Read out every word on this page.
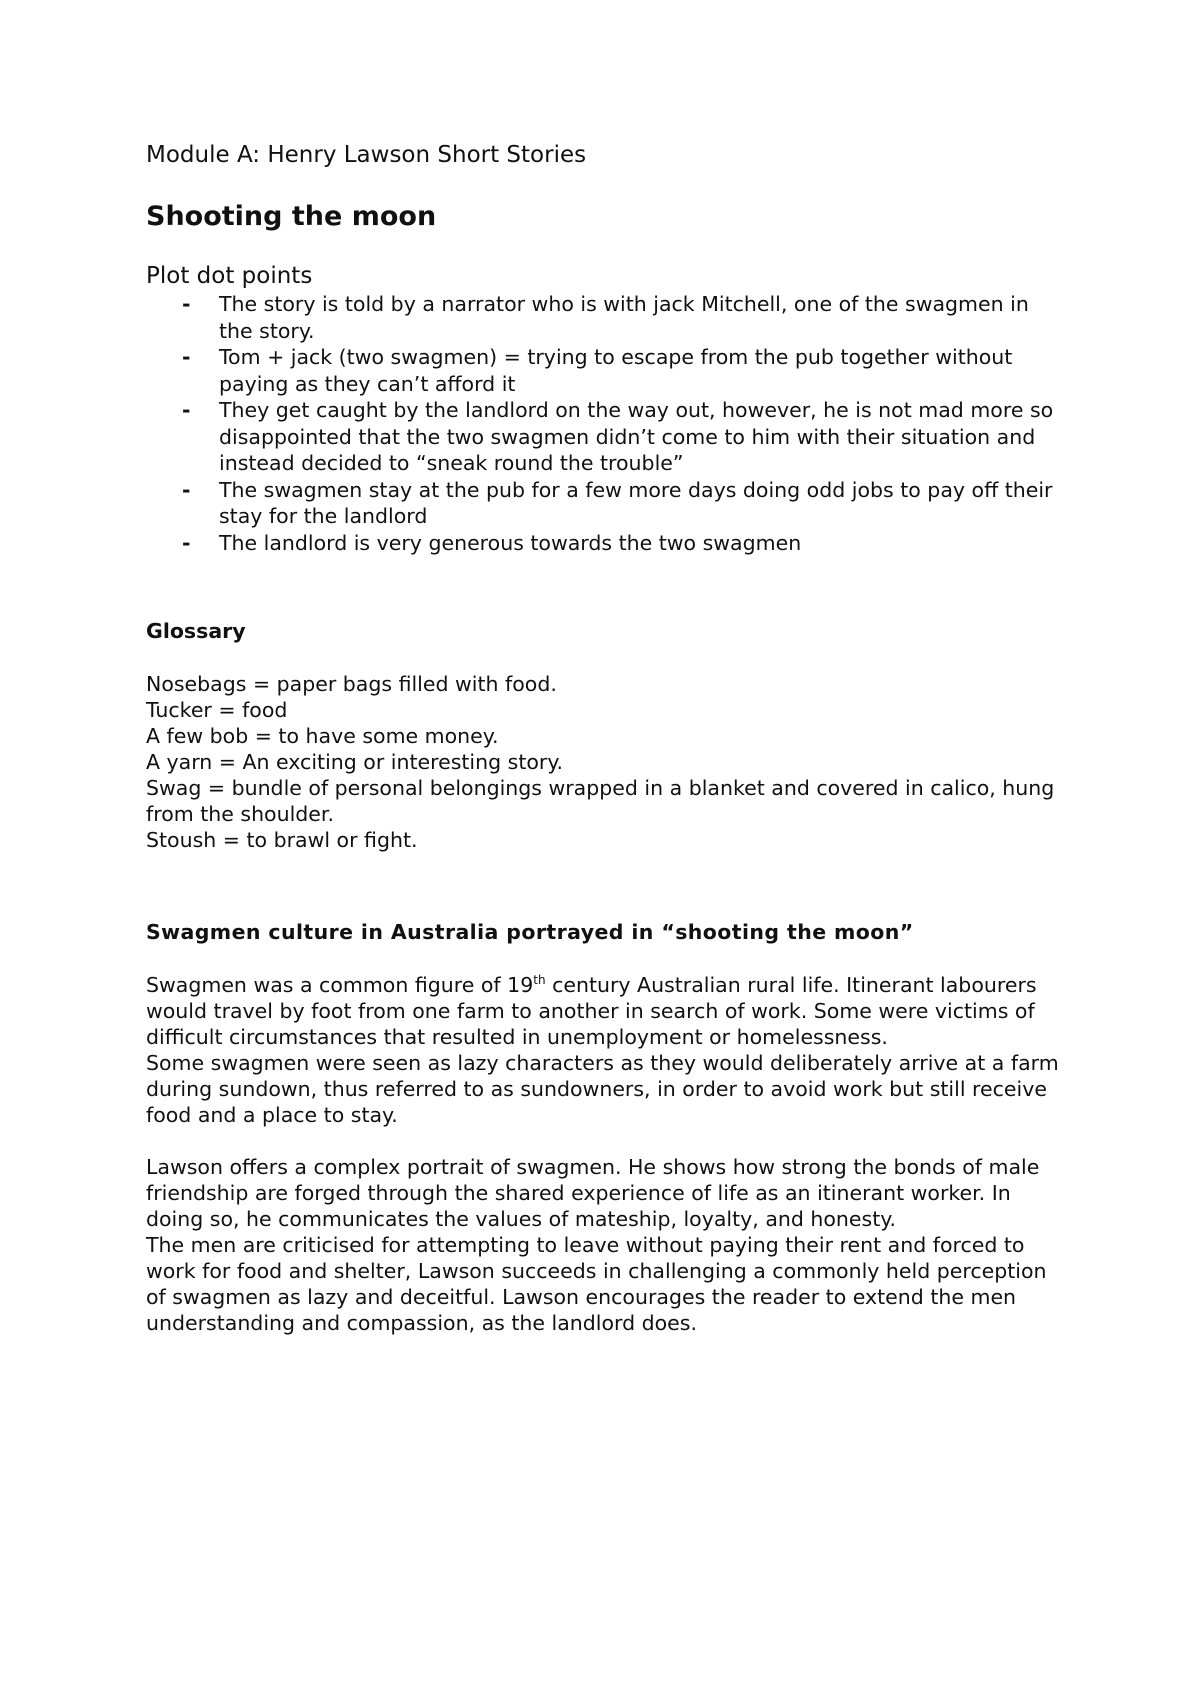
Module A: Henry Lawson Short Stories
Shooting the moon
Plot dot points
- The story is told by a narrator who is with jack Mitchell, one of the swagmen in the story.
- Tom + jack (two swagmen) = trying to escape from the pub together without paying as they can’t afford it
- They get caught by the landlord on the way out, however, he is not mad more so disappointed that the two swagmen didn’t come to him with their situation and instead decided to “sneak round the trouble”
- The swagmen stay at the pub for a few more days doing odd jobs to pay off their stay for the landlord
- The landlord is very generous towards the two swagmen
Glossary
Nosebags = paper bags filled with food.
Tucker = food
A few bob = to have some money.
A yarn = An exciting or interesting story.
Swag = bundle of personal belongings wrapped in a blanket and covered in calico, hung from the shoulder.
Stoush = to brawl or fight.
Swagmen culture in Australia portrayed in “shooting the moon”

Swagmen was a common figure of 19th century Australian rural life. Itinerant labourers would travel by foot from one farm to another in search of work. Some were victims of difficult circumstances that resulted in unemployment or homelessness.

Some swagmen were seen as lazy characters as they would deliberately arrive at a farm during sundown, thus referred to as sundowners, in order to avoid work but still receive food and a place to stay.

Lawson offers a complex portrait of swagmen. He shows how strong the bonds of male friendship are forged through the shared experience of life as an itinerant worker. In doing so, he communicates the values of mateship, loyalty, and honesty.

The men are criticised for attempting to leave without paying their rent and forced to work for food and shelter, Lawson succeeds in challenging a commonly held perception of swagmen as lazy and deceitful. Lawson encourages the reader to extend the men understanding and compassion, as the landlord does.
